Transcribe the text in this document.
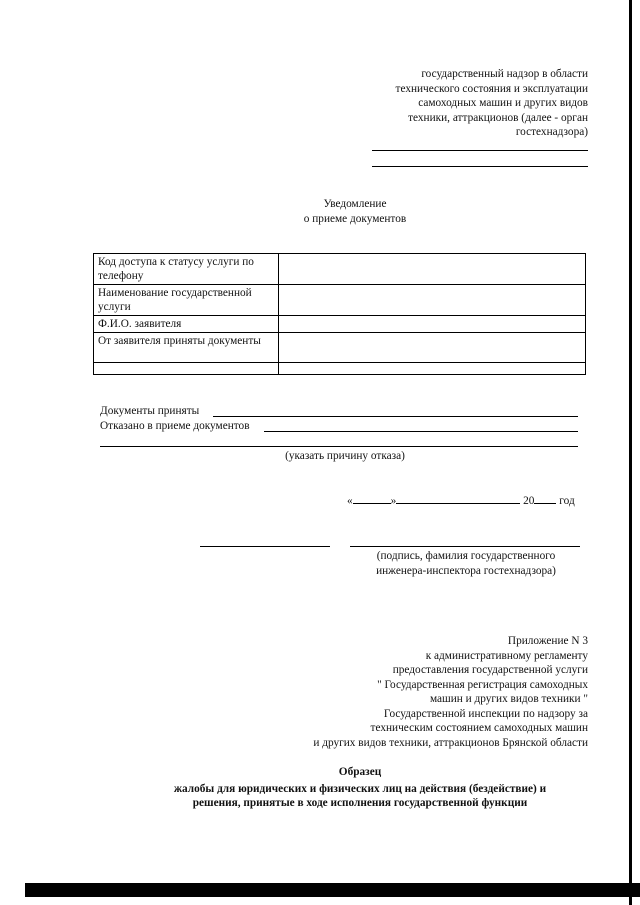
государственный надзор в области
технического состояния и эксплуатации
самоходных машин и других видов
техники, аттракционов (далее - орган
гостехнадзора)
Уведомление
о приеме документов
Код доступа к статусу услуги по телефону	
Наименование государственной услуги	
Ф.И.О. заявителя	
От заявителя приняты документы	

Документы приняты
Отказано в приеме документов
(указать причину отказа)
«	»	20 год
(подпись, фамилия государственного
инженера-инспектора гостехнадзора)
Приложение N 3
к административному регламенту
предоставления государственной услуги
" Государственная регистрация самоходных
машин и других видов техники "
Государственной инспекции по надзору за
техническим состоянием самоходных машин
и других видов техники, аттракционов Брянской области
Образец
жалобы для юридических и физических лиц на действия (бездействие) и
решения, принятые в ходе исполнения государственной функции
